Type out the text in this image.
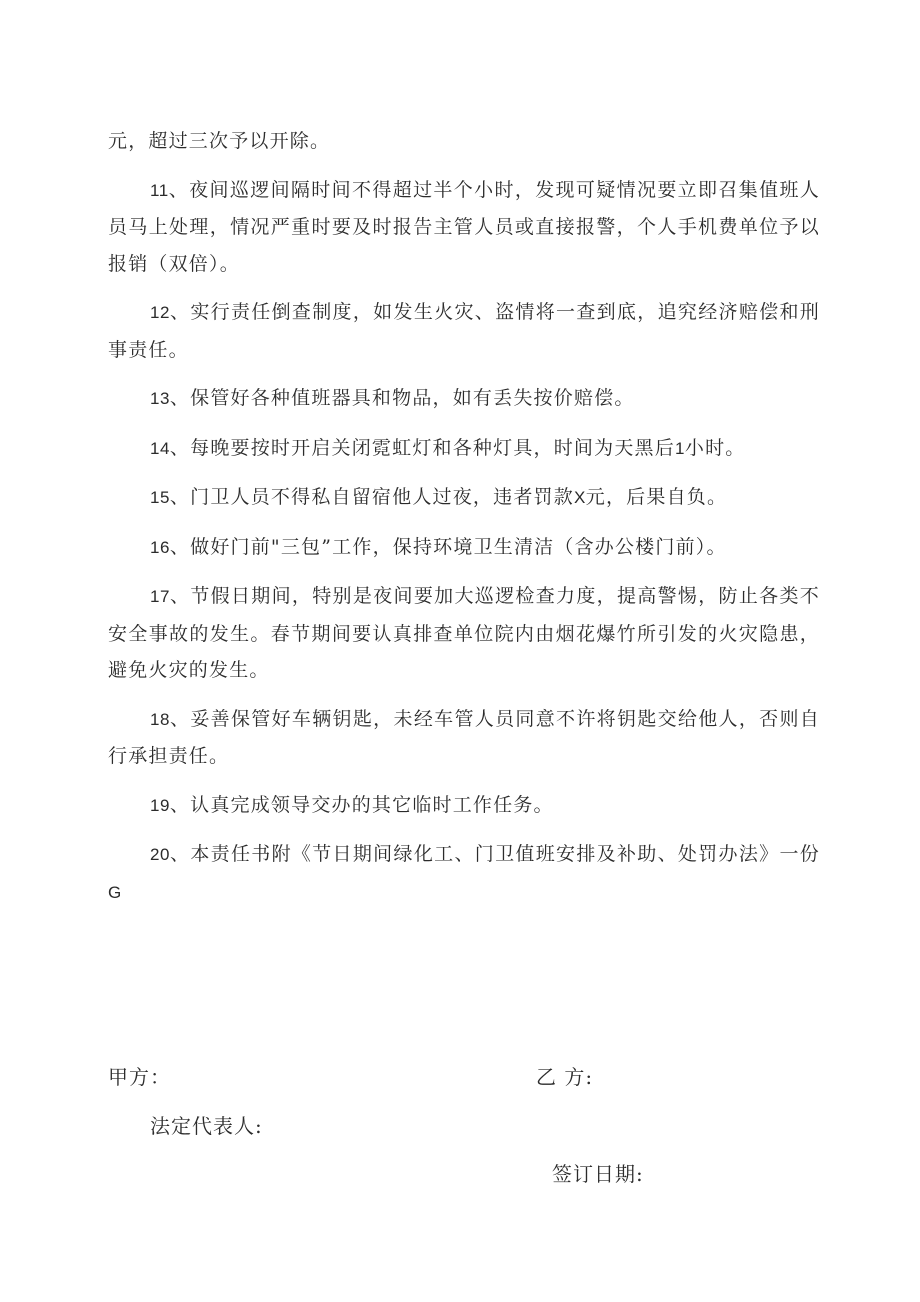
元，超过三次予以开除。

11、夜间巡逻间隔时间不得超过半个小时，发现可疑情况要立即召集值班人员马上处理，情况严重时要及时报告主管人员或直接报警，个人手机费单位予以报销（双倍）。

12、实行责任倒查制度，如发生火灾、盗情将一查到底，追究经济赔偿和刑事责任。

13、保管好各种值班器具和物品，如有丢失按价赔偿。

14、每晚要按时开启关闭霓虹灯和各种灯具，时间为天黑后1小时。

15、门卫人员不得私自留宿他人过夜，违者罚款X元，后果自负。

16、做好门前"三包”工作，保持环境卫生清洁（含办公楼门前）。

17、节假日期间，特别是夜间要加大巡逻检查力度，提高警惕，防止各类不安全事故的发生。春节期间要认真排查单位院内由烟花爆竹所引发的火灾隐患，避免火灾的发生。

18、妥善保管好车辆钥匙，未经车管人员同意不许将钥匙交给他人，否则自行承担责任。

19、认真完成领导交办的其它临时工作任务。

20、本责任书附《节日期间绿化工、门卫值班安排及补助、处罚办法》一份G

甲方：	乙 方:
法定代表人:
签订日期:
